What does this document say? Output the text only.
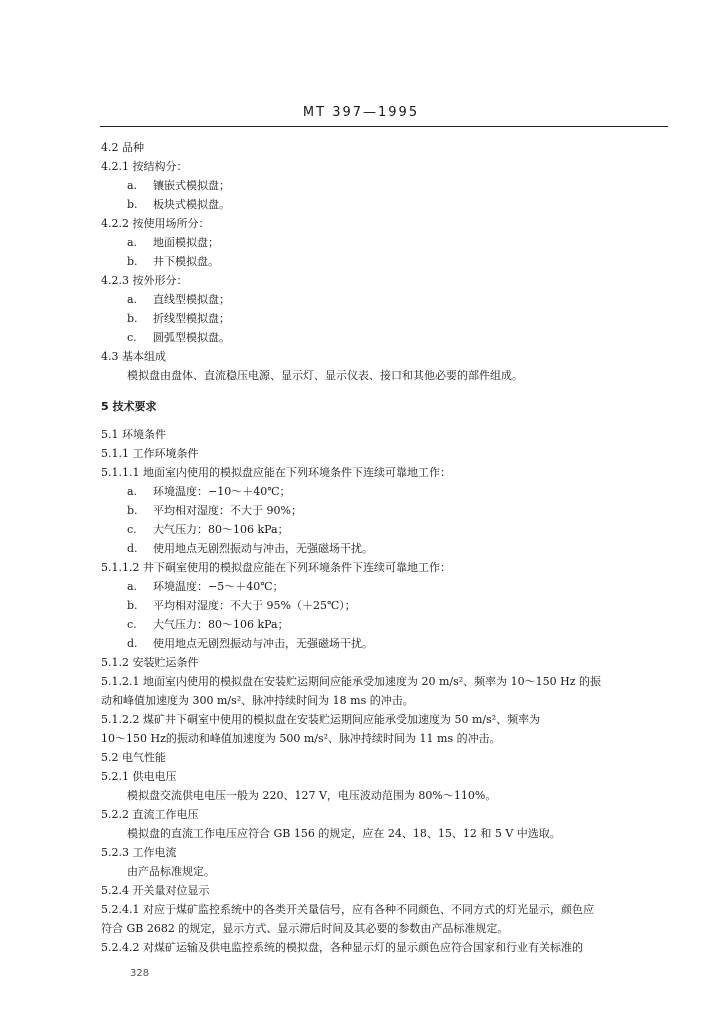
MT 397—1995
4.2 品种
4.2.1 按结构分：
a. 镶嵌式模拟盘；
b. 板块式模拟盘。
4.2.2 按使用场所分：
a. 地面模拟盘；
b. 井下模拟盘。
4.2.3 按外形分：
a. 直线型模拟盘；
b. 折线型模拟盘；
c. 圆弧型模拟盘。
4.3 基本组成
模拟盘由盘体、直流稳压电源、显示灯、显示仪表、接口和其他必要的部件组成。
5 技术要求
5.1 环境条件
5.1.1 工作环境条件
5.1.1.1 地面室内使用的模拟盘应能在下列环境条件下连续可靠地工作：
a. 环境温度：−10～＋40℃；
b. 平均相对湿度：不大于 90%；
c. 大气压力：80～106 kPa；
d. 使用地点无剧烈振动与冲击，无强磁场干扰。
5.1.1.2 井下硐室使用的模拟盘应能在下列环境条件下连续可靠地工作：
a. 环境温度：−5～＋40℃；
b. 平均相对湿度：不大于 95%（＋25℃）；
c. 大气压力：80～106 kPa；
d. 使用地点无剧烈振动与冲击，无强磁场干扰。
5.1.2 安装贮运条件
5.1.2.1 地面室内使用的模拟盘在安装贮运期间应能承受加速度为 20 m/s²、频率为 10～150 Hz 的振
动和峰值加速度为 300 m/s²、脉冲持续时间为 18 ms 的冲击。
5.1.2.2 煤矿井下硐室中使用的模拟盘在安装贮运期间应能承受加速度为 50 m/s²、频率为
10～150 Hz的振动和峰值加速度为 500 m/s²、脉冲持续时间为 11 ms 的冲击。
5.2 电气性能
5.2.1 供电电压
模拟盘交流供电电压一般为 220、127 V，电压波动范围为 80%～110%。
5.2.2 直流工作电压
模拟盘的直流工作电压应符合 GB 156 的规定，应在 24、18、15、12 和 5 V 中选取。
5.2.3 工作电流
由产品标准规定。
5.2.4 开关量对位显示
5.2.4.1 对应于煤矿监控系统中的各类开关量信号，应有各种不同颜色、不同方式的灯光显示，颜色应
符合 GB 2682 的规定，显示方式、显示滞后时间及其必要的参数由产品标准规定。
5.2.4.2 对煤矿运输及供电监控系统的模拟盘，各种显示灯的显示颜色应符合国家和行业有关标准的
328
